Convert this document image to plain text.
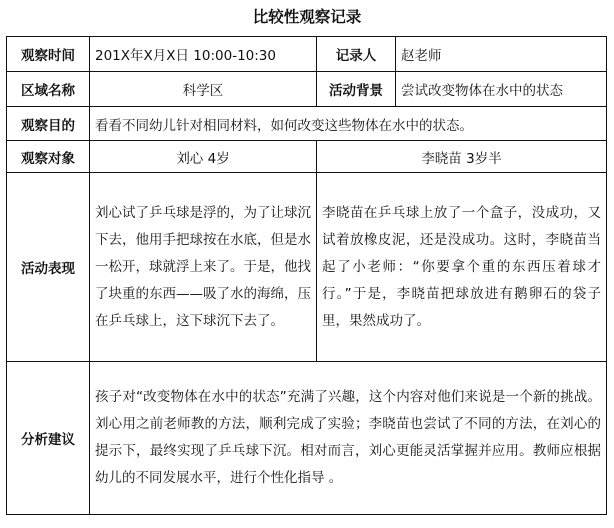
比较性观察记录
观察时间	201X年X月X日 10:00-10:30	记录人	赵老师
区域名称	科学区	活动背景	尝试改变物体在水中的状态
观察目的	看看不同幼儿针对相同材料，如何改变这些物体在水中的状态。		
观察对象	刘心 4岁	李晓苗 3岁半	
活动表现	刘心试了乒乓球是浮的，为了让球沉下去，他用手把球按在水底，但是水一松开，球就浮上来了。于是，他找了块重的东西——吸了水的海绵，压在乒乓球上，这下球沉下去了。	李晓苗在乒乓球上放了一个盒子，没成功，又试着放橡皮泥，还是没成功。这时，李晓苗当起了小老师：“你要拿个重的东西压着球才行。”于是，李晓苗把球放进有鹅卵石的袋子里，果然成功了。	
分析建议	孩子对“改变物体在水中的状态”充满了兴趣，这个内容对他们来说是一个新的挑战。刘心用之前老师教的方法，顺利完成了实验；李晓苗也尝试了不同的方法，在刘心的提示下，最终实现了乒乓球下沉。相对而言，刘心更能灵活掌握并应用。教师应根据幼儿的不同发展水平，进行个性化指导 。		
